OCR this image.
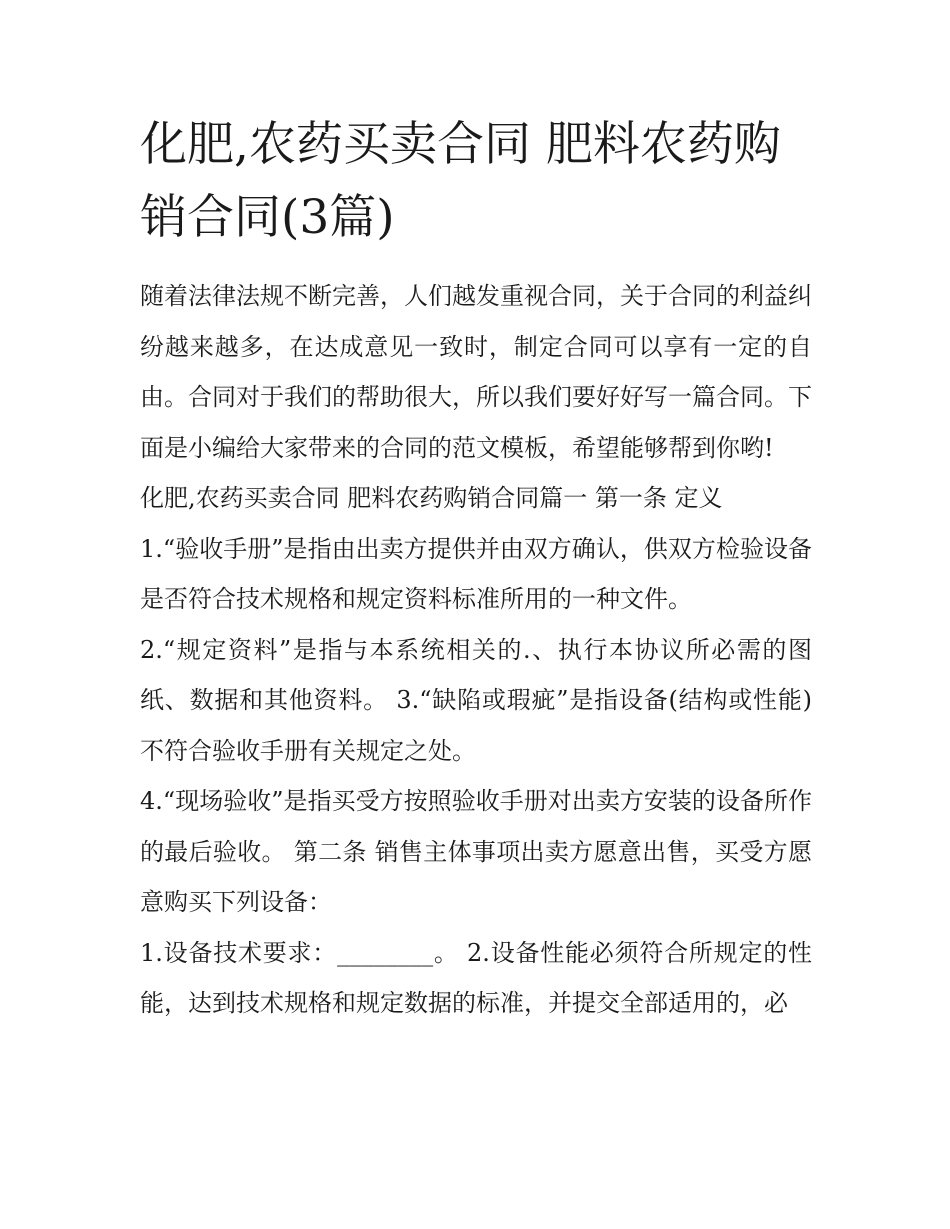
化肥,农药买卖合同 肥料农药购销合同(3篇)

随着法律法规不断完善，人们越发重视合同，关于合同的利益纠纷越来越多，在达成意见一致时，制定合同可以享有一定的自由。合同对于我们的帮助很大，所以我们要好好写一篇合同。下面是小编给大家带来的合同的范文模板，希望能够帮到你哟!

化肥,农药买卖合同 肥料农药购销合同篇一 第一条 定义

1.“验收手册”是指由出卖方提供并由双方确认，供双方检验设备是否符合技术规格和规定资料标准所用的一种文件。

2.“规定资料”是指与本系统相关的.、执行本协议所必需的图纸、数据和其他资料。 3.“缺陷或瑕疵”是指设备(结构或性能)不符合验收手册有关规定之处。

4.“现场验收”是指买受方按照验收手册对出卖方安装的设备所作的最后验收。 第二条 销售主体事项出卖方愿意出售，买受方愿意购买下列设备：

1.设备技术要求：________。 2.设备性能必须符合所规定的性能，达到技术规格和规定数据的标准，并提交全部适用的，必
